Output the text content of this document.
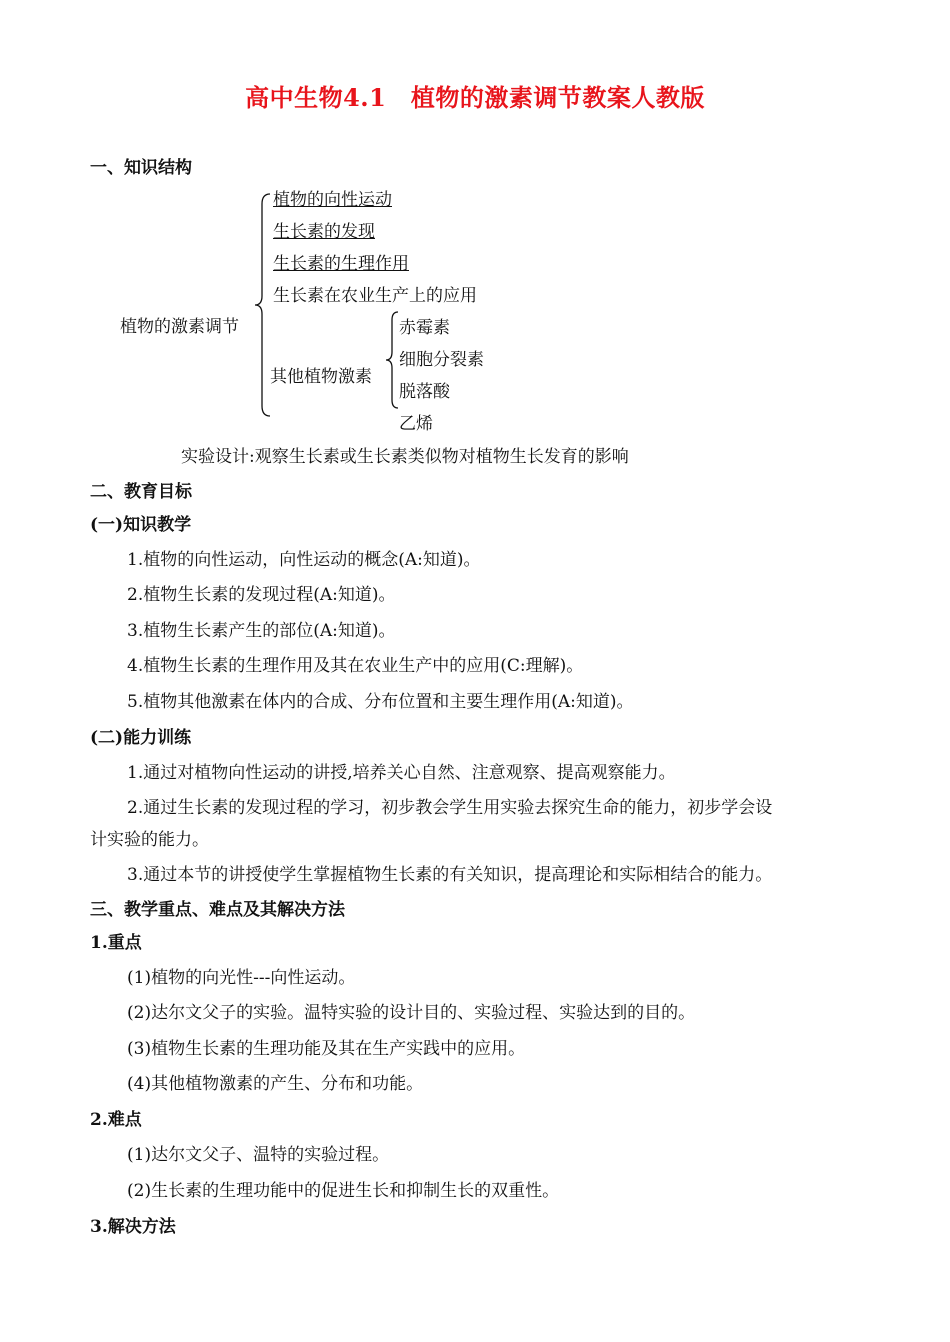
高中生物4.1　植物的激素调节教案人教版
一、知识结构
植物的激素调节
植物的向性运动
生长素的发现
生长素的生理作用
生长素在农业生产上的应用
其他植物激素
赤霉素
细胞分裂素
脱落酸
乙烯
实验设计:观察生长素或生长素类似物对植物生长发育的影响
二、教育目标
(一)知识教学
1.植物的向性运动，向性运动的概念(A:知道)。
2.植物生长素的发现过程(A:知道)。
3.植物生长素产生的部位(A:知道)。
4.植物生长素的生理作用及其在农业生产中的应用(C:理解)。
5.植物其他激素在体内的合成、分布位置和主要生理作用(A:知道)。
(二)能力训练
1.通过对植物向性运动的讲授,培养关心自然、注意观察、提高观察能力。
2.通过生长素的发现过程的学习，初步教会学生用实验去探究生命的能力，初步学会设
计实验的能力。
3.通过本节的讲授使学生掌握植物生长素的有关知识，提高理论和实际相结合的能力。
三、教学重点、难点及其解决方法
1.重点
(1)植物的向光性---向性运动。
(2)达尔文父子的实验。温特实验的设计目的、实验过程、实验达到的目的。
(3)植物生长素的生理功能及其在生产实践中的应用。
(4)其他植物激素的产生、分布和功能。
2.难点
(1)达尔文父子、温特的实验过程。
(2)生长素的生理功能中的促进生长和抑制生长的双重性。
3.解决方法
